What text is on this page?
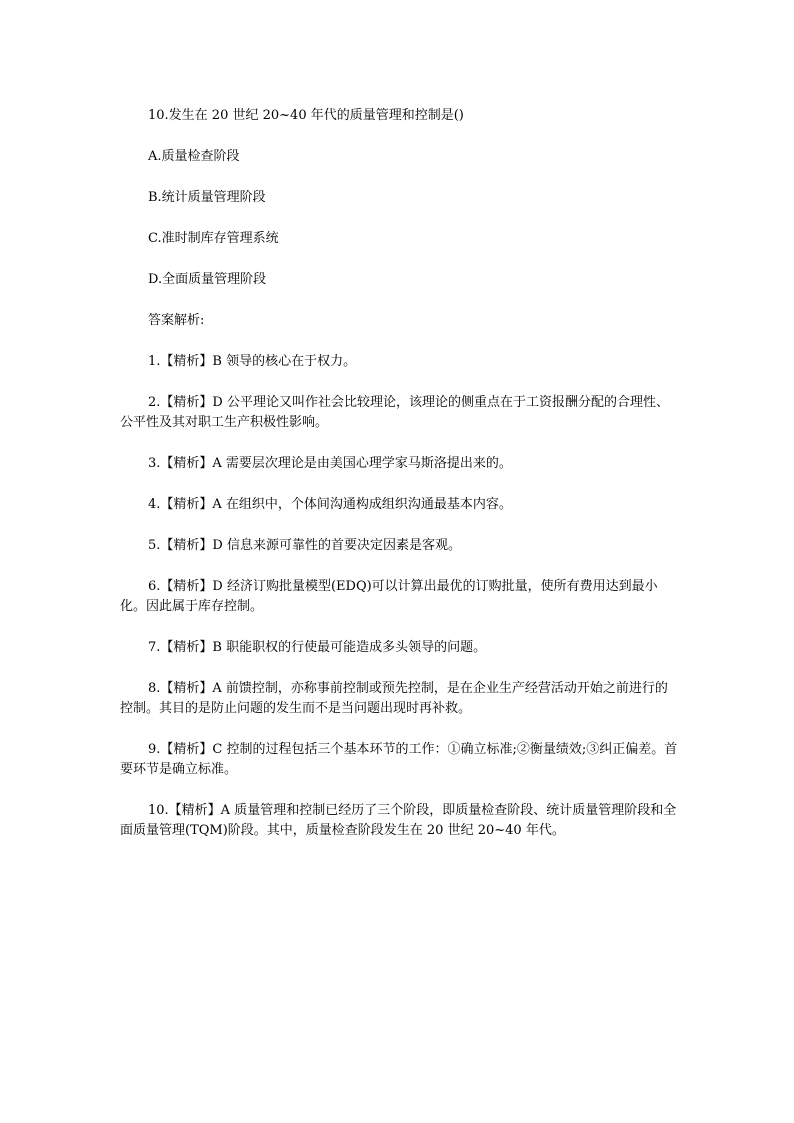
10.发生在 20 世纪 20~40 年代的质量管理和控制是()

A.质量检查阶段

B.统计质量管理阶段

C.准时制库存管理系统

D.全面质量管理阶段

答案解析:

1.【精析】B 领导的核心在于权力。

2.【精析】D 公平理论又叫作社会比较理论，该理论的侧重点在于工资报酬分配的合理性、公平性及其对职工生产积极性影响。

3.【精析】A 需要层次理论是由美国心理学家马斯洛提出来的。

4.【精析】A 在组织中，个体间沟通构成组织沟通最基本内容。

5.【精析】D 信息来源可靠性的首要决定因素是客观。

6.【精析】D 经济订购批量模型(EDQ)可以计算出最优的订购批量，使所有费用达到最小化。因此属于库存控制。

7.【精析】B 职能职权的行使最可能造成多头领导的问题。

8.【精析】A 前馈控制，亦称事前控制或预先控制，是在企业生产经营活动开始之前进行的控制。其目的是防止问题的发生而不是当问题出现时再补救。

9.【精析】C 控制的过程包括三个基本环节的工作：①确立标准;②衡量绩效;③纠正偏差。首要环节是确立标准。

10.【精析】A 质量管理和控制已经历了三个阶段，即质量检查阶段、统计质量管理阶段和全面质量管理(TQM)阶段。其中，质量检查阶段发生在 20 世纪 20~40 年代。
